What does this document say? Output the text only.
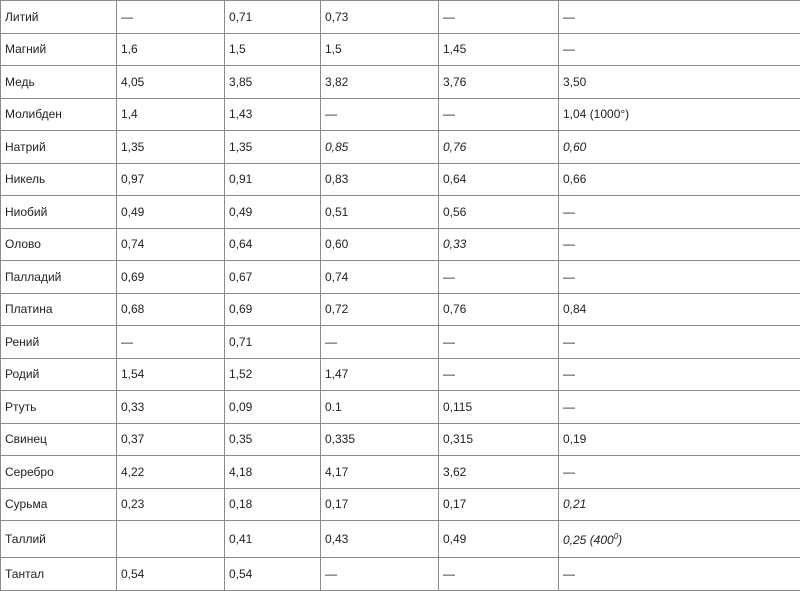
Литий	—	0,71	0,73	—	—
Магний	1,6	1,5	1,5	1,45	—
Медь	4,05	3,85	3,82	3,76	3,50
Молибден	1,4	1,43	—	—	1,04 (1000°)
Натрий	1,35	1,35	0,85	0,76	0,60
Никель	0,97	0,91	0,83	0,64	0,66
Ниобий	0,49	0,49	0,51	0,56	—
Олово	0,74	0,64	0,60	0,33	—
Палладий	0,69	0,67	0,74	—	—
Платина	0,68	0,69	0,72	0,76	0,84
Рений	—	0,71	—	—	—
Родий	1,54	1,52	1,47	—	—
Ртуть	0,33	0,09	0.1	0,115	—
Свинец	0,37	0,35	0,335	0,315	0,19
Серебро	4,22	4,18	4,17	3,62	—
Сурьма	0,23	0,18	0,17	0,17	0,21
Таллий		0,41	0,43	0,49	0,25 $(400^0)$
Тантал	0,54	0,54	—	—	—
